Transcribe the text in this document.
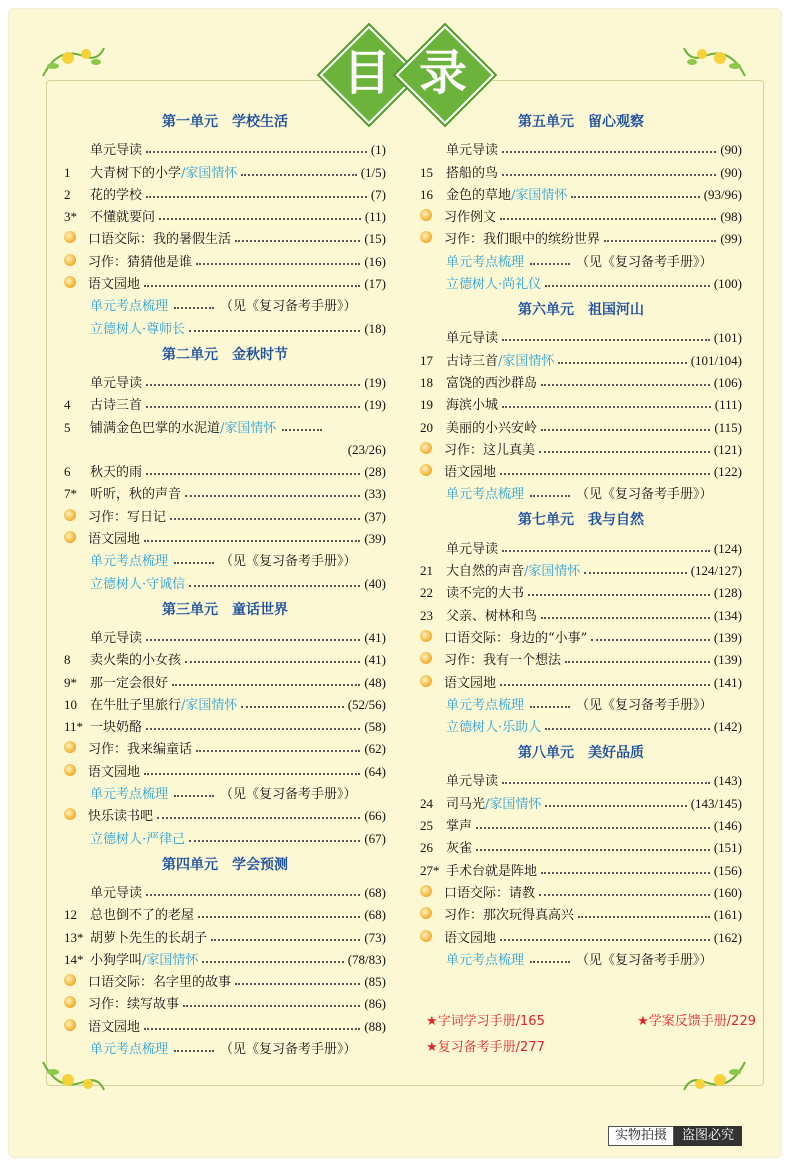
目 录
第一单元　学校生活
单元导读	(1)
1	大青树下的小学/家国情怀	(1/5)
2	花的学校	(7)
3*	不懂就要问	(11)
口语交际：我的暑假生活	(15)
习作：猜猜他是谁	(16)
语文园地	(17)
单元考点梳理	（见《复习备考手册》）
立德树人·尊师长	(18)
第二单元　金秋时节
单元导读	(19)
4	古诗三首	(19)
5	铺满金色巴掌的水泥道/家国情怀
(23/26)
6	秋天的雨	(28)
7*	听听，秋的声音	(33)
习作：写日记	(37)
语文园地	(39)
单元考点梳理	（见《复习备考手册》）
立德树人·守诚信	(40)
第三单元　童话世界
单元导读	(41)
8	卖火柴的小女孩	(41)
9*	那一定会很好	(48)
10	在牛肚子里旅行/家国情怀	(52/56)
11* 一块奶酪	(58)
习作：我来编童话	(62)
语文园地	(64)
单元考点梳理	（见《复习备考手册》）
快乐读书吧	(66)
立德树人·严律己	(67)
第四单元　学会预测
单元导读	(68)
12	总也倒不了的老屋	(68)
13* 胡萝卜先生的长胡子	(73)
14* 小狗学叫/家国情怀	(78/83)
口语交际：名字里的故事	(85)
习作：续写故事	(86)
语文园地	(88)
单元考点梳理	（见《复习备考手册》）
第五单元　留心观察
单元导读	(90)
15	搭船的鸟	(90)
16	金色的草地/家国情怀	(93/96)
习作例文	(98)
习作：我们眼中的缤纷世界	(99)
单元考点梳理	（见《复习备考手册》）
立德树人·尚礼仪	(100)
第六单元　祖国河山
单元导读	(101)
17	古诗三首/家国情怀	(101/104)
18	富饶的西沙群岛	(106)
19	海滨小城	(111)
20	美丽的小兴安岭	(115)
习作：这儿真美	(121)
语文园地	(122)
单元考点梳理	（见《复习备考手册》）
第七单元　我与自然
单元导读	(124)
21	大自然的声音/家国情怀	(124/127)
22	读不完的大书	(128)
23	父亲、树林和鸟	(134)
口语交际：身边的“小事”	(139)
习作：我有一个想法	(139)
语文园地	(141)
单元考点梳理	（见《复习备考手册》）
立德树人·乐助人	(142)
第八单元　美好品质
单元导读	(143)
24	司马光/家国情怀	(143/145)
25	掌声	(146)
26	灰雀	(151)
27* 手术台就是阵地	(156)
口语交际：请教	(160)
习作：那次玩得真高兴	(161)
语文园地	(162)
单元考点梳理	（见《复习备考手册》）
★字词学习手册/165	★学案反馈手册/229
★复习备考手册/277
实物拍摄	盗图必究
